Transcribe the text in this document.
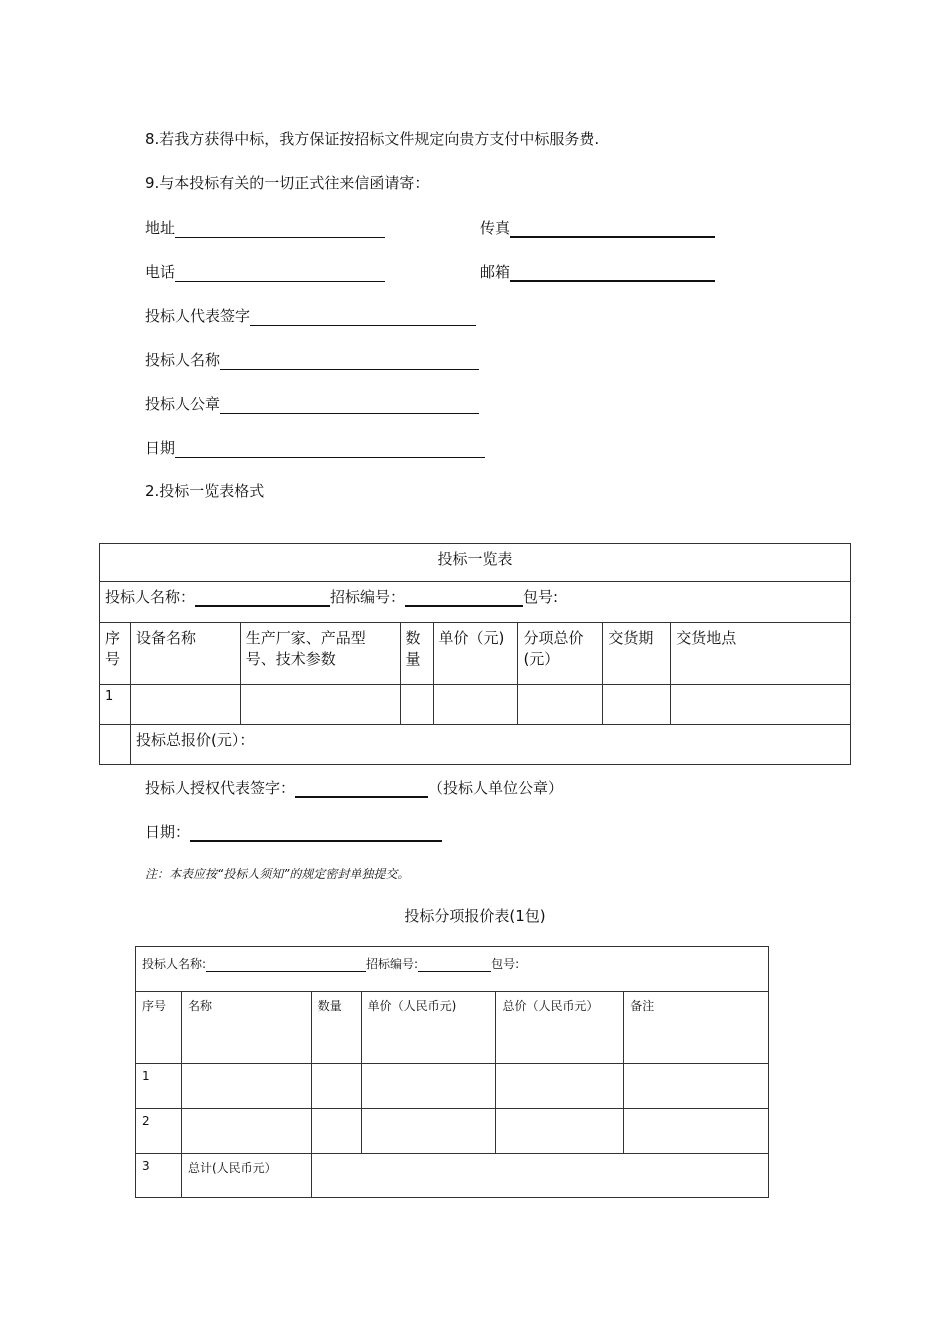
8.若我方获得中标，我方保证按招标文件规定向贵方支付中标服务费.
9.与本投标有关的一切正式往来信函请寄：
地址	传真
电话	邮箱
投标人代表签字
投标人名称
投标人公章
日期
2.投标一览表格式
投标一览表							
投标人名称： 招标编号： 包号:							
序号	设备名称	生产厂家、产品型号、技术参数	数量	单价（元)	分项总价(元）	交货期	交货地点
1							
	投标总报价(元）：						
投标人授权代表签字：	（投标人单位公章）
日期：
注：本表应按“投标人须知”的规定密封单独提交。
投标分项报价表(1包)
投标人名称: 招标编号: 包号:					
序号	名称	数量	单价（人民币元)	总价（人民币元）	备注
1					
2					
3	总计(人民币元）				
